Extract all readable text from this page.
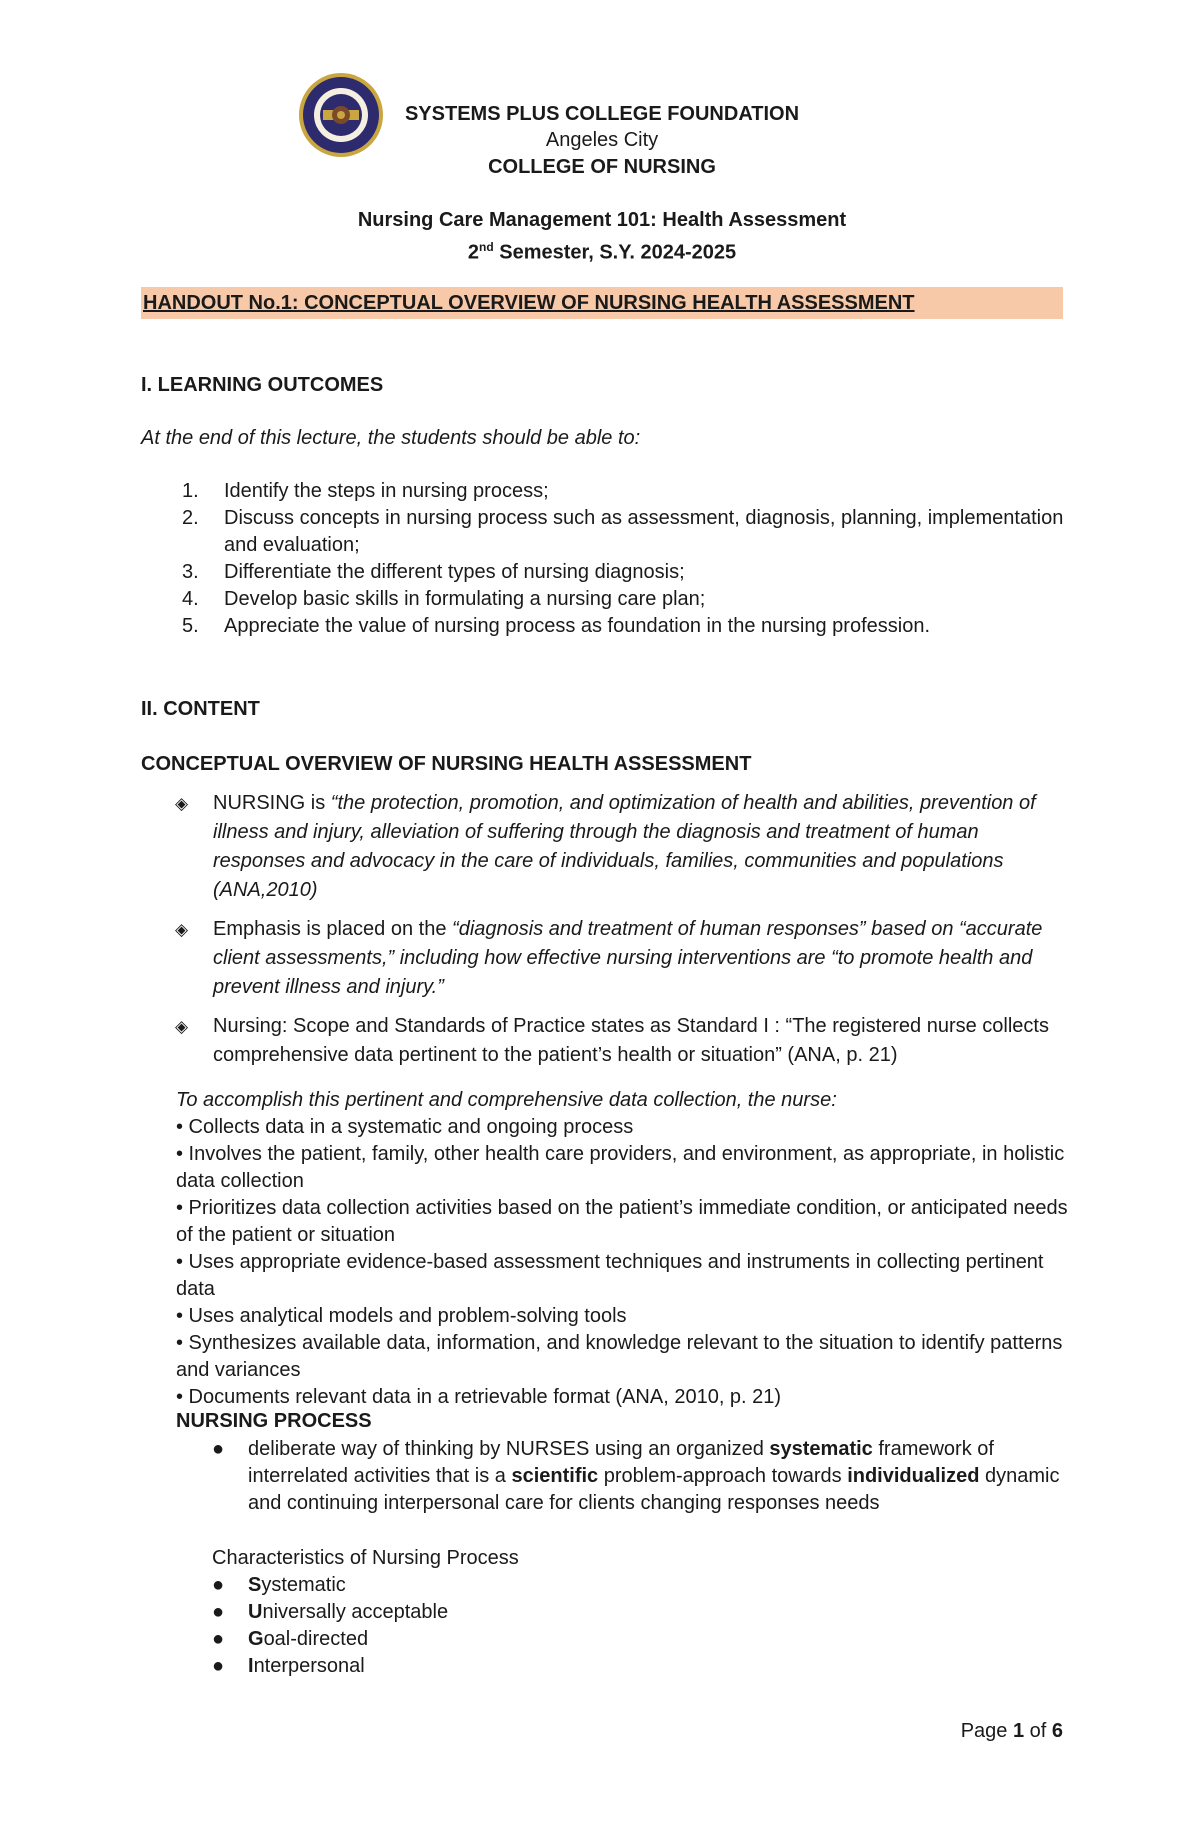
SYSTEMS PLUS COLLEGE FOUNDATION
Angeles City
COLLEGE OF NURSING
Nursing Care Management 101: Health Assessment
2nd Semester, S.Y. 2024-2025
HANDOUT No.1: CONCEPTUAL OVERVIEW OF NURSING HEALTH ASSESSMENT
I. LEARNING OUTCOMES
At the end of this lecture, the students should be able to:
1. Identify the steps in nursing process;
2. Discuss concepts in nursing process such as assessment, diagnosis, planning, implementation and evaluation;
3. Differentiate the different types of nursing diagnosis;
4. Develop basic skills in formulating a nursing care plan;
5. Appreciate the value of nursing process as foundation in the nursing profession.
II. CONTENT
CONCEPTUAL OVERVIEW OF NURSING HEALTH ASSESSMENT
◈ NURSING is “the protection, promotion, and optimization of health and abilities, prevention of illness and injury, alleviation of suffering through the diagnosis and treatment of human responses and advocacy in the care of individuals, families, communities and populations (ANA,2010)
◈ Emphasis is placed on the “diagnosis and treatment of human responses” based on “accurate client assessments,” including how effective nursing interventions are “to promote health and prevent illness and injury.”
◈ Nursing: Scope and Standards of Practice states as Standard I : “The registered nurse collects comprehensive data pertinent to the patient’s health or situation” (ANA, p. 21)
To accomplish this pertinent and comprehensive data collection, the nurse:
• Collects data in a systematic and ongoing process
• Involves the patient, family, other health care providers, and environment, as appropriate, in holistic data collection
• Prioritizes data collection activities based on the patient’s immediate condition, or anticipated needs of the patient or situation
• Uses appropriate evidence-based assessment techniques and instruments in collecting pertinent data
• Uses analytical models and problem-solving tools
• Synthesizes available data, information, and knowledge relevant to the situation to identify patterns and variances
• Documents relevant data in a retrievable format (ANA, 2010, p. 21)
NURSING PROCESS
● deliberate way of thinking by NURSES using an organized systematic framework of interrelated activities that is a scientific problem-approach towards individualized dynamic and continuing interpersonal care for clients changing responses needs
Characteristics of Nursing Process
● Systematic
● Universally acceptable
● Goal-directed
● Interpersonal
Page 1 of 6
